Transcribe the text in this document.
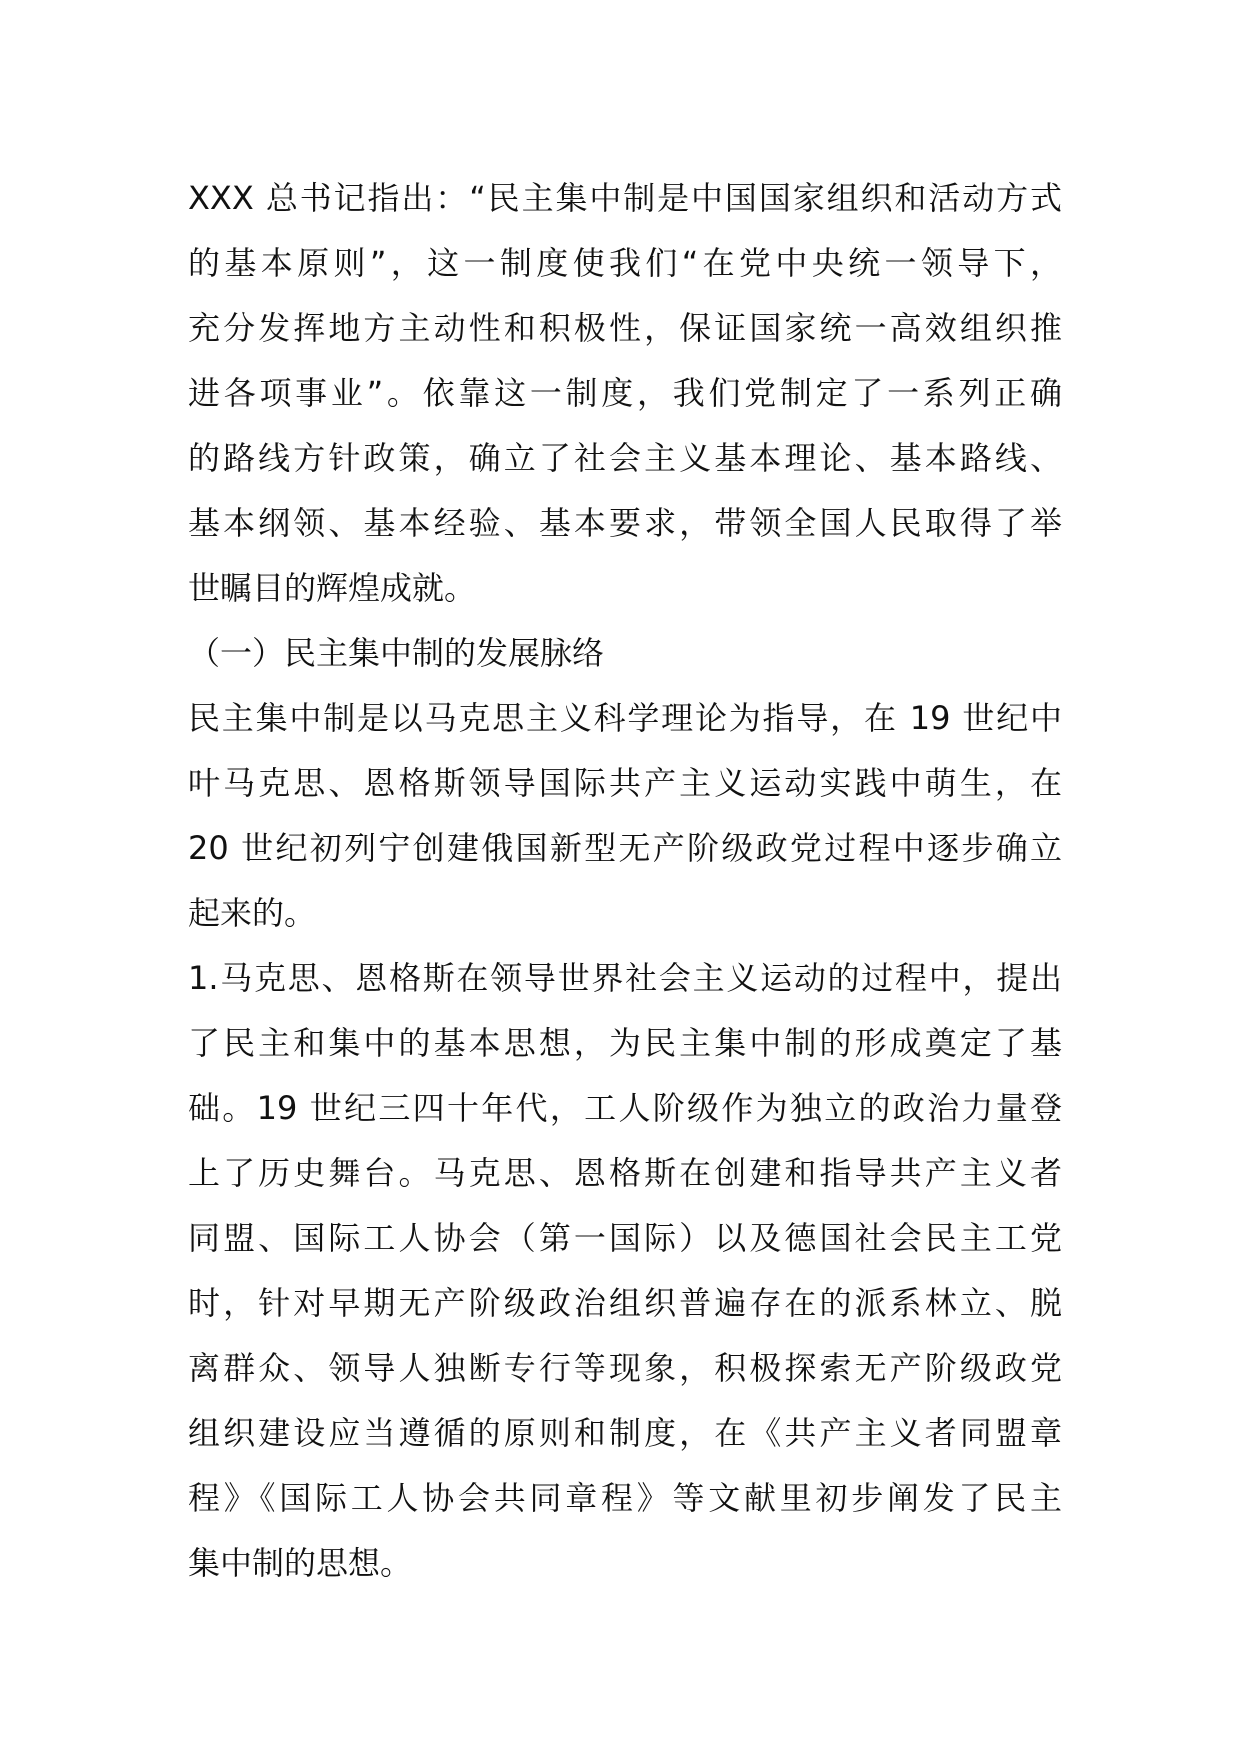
XXX 总书记指出：“民主集中制是中国国家组织和活动方式
的基本原则”，这一制度使我们“在党中央统一领导下，
充分发挥地方主动性和积极性，保证国家统一高效组织推
进各项事业”。依靠这一制度，我们党制定了一系列正确
的路线方针政策，确立了社会主义基本理论、基本路线、
基本纲领、基本经验、基本要求，带领全国人民取得了举
世瞩目的辉煌成就。
（一）民主集中制的发展脉络
民主集中制是以马克思主义科学理论为指导，在 19 世纪中
叶马克思、恩格斯领导国际共产主义运动实践中萌生，在
20 世纪初列宁创建俄国新型无产阶级政党过程中逐步确立
起来的。
1.马克思、恩格斯在领导世界社会主义运动的过程中，提出
了民主和集中的基本思想，为民主集中制的形成奠定了基
础。19 世纪三四十年代，工人阶级作为独立的政治力量登
上了历史舞台。马克思、恩格斯在创建和指导共产主义者
同盟、国际工人协会（第一国际）以及德国社会民主工党
时，针对早期无产阶级政治组织普遍存在的派系林立、脱
离群众、领导人独断专行等现象，积极探索无产阶级政党
组织建设应当遵循的原则和制度，在《共产主义者同盟章
程》《国际工人协会共同章程》等文献里初步阐发了民主
集中制的思想。
